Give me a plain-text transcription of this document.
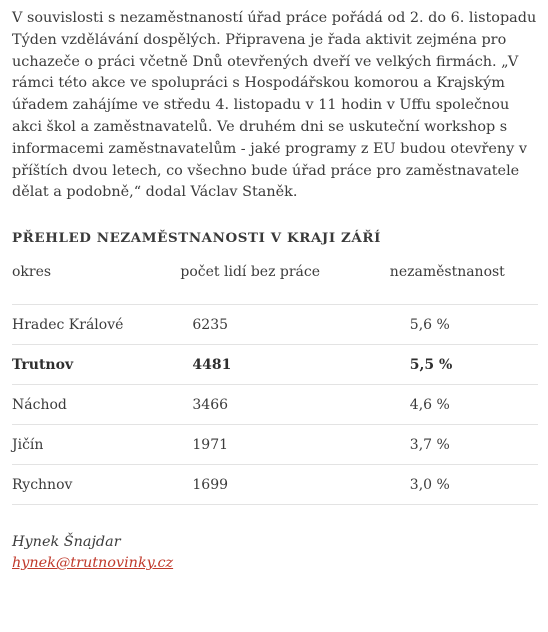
V souvislosti s nezaměstnaností úřad práce pořádá od 2. do 6. listopadu Týden vzdělávání dospělých. Připravena je řada aktivit zejména pro uchazeče o práci včetně Dnů otevřených dveří ve velkých firmách. „V rámci této akce ve spolupráci s Hospodářskou komorou a Krajským úřadem zahájíme ve středu 4. listopadu v 11 hodin v Uffu společnou akci škol a zaměstnavatelů. Ve druhém dni se uskuteční workshop s informacemi zaměstnavatelům - jaké programy z EU budou otevřeny v příštích dvou letech, co všechno bude úřad práce pro zaměstnavatele dělat a podobně,“ dodal Václav Staněk.

PŘEHLED NEZAMĚSTNANOSTI V KRAJI ZÁŘÍ
okres	počet lidí bez práce	nezaměstnanost
Hradec Králové	6235	5,6 %
Trutnov	4481	5,5 %
Náchod	3466	4,6 %
Jičín	1971	3,7 %
Rychnov	1699	3,0 %
Hynek Šnajdar
hynek@trutnovinky.cz
